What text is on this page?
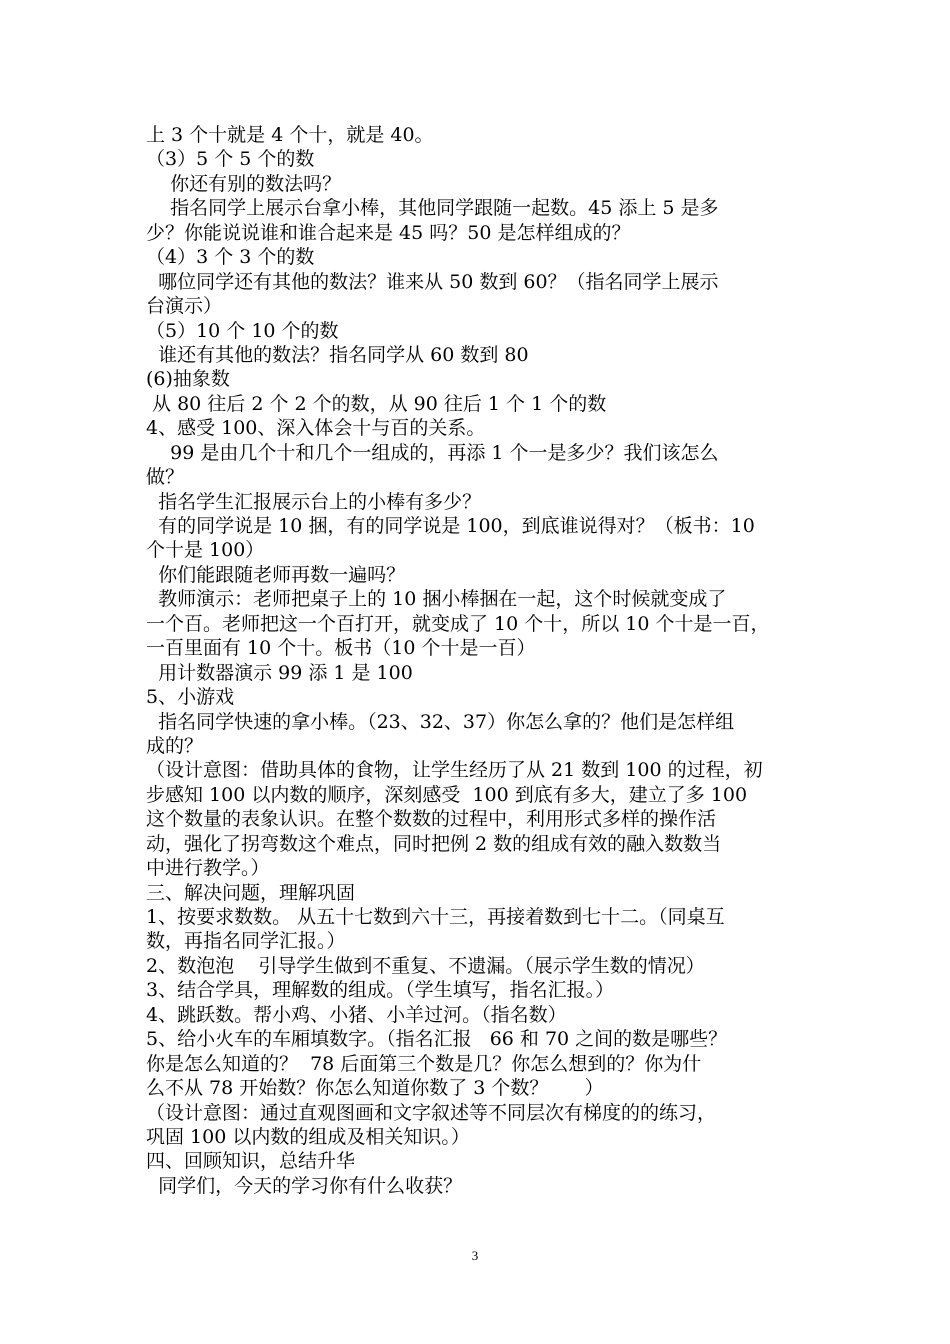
上 3 个十就是 4 个十，就是 40。
（3）5 个 5 个的数
你还有别的数法吗？
指名同学上展示台拿小棒，其他同学跟随一起数。45 添上 5 是多
少？你能说说谁和谁合起来是 45 吗？50 是怎样组成的？
（4）3 个 3 个的数
哪位同学还有其他的数法？谁来从 50 数到 60？（指名同学上展示
台演示）
（5）10 个 10 个的数
谁还有其他的数法？指名同学从 60 数到 80
(6)抽象数
从 80 往后 2 个 2 个的数，从 90 往后 1 个 1 个的数
4、感受 100、深入体会十与百的关系。
99 是由几个十和几个一组成的，再添 1 个一是多少？我们该怎么
做？
指名学生汇报展示台上的小棒有多少？
有的同学说是 10 捆，有的同学说是 100，到底谁说得对？（板书：10
个十是 100）
你们能跟随老师再数一遍吗？
教师演示：老师把桌子上的 10 捆小棒捆在一起，这个时候就变成了
一个百。老师把这一个百打开，就变成了 10 个十，所以 10 个十是一百，
一百里面有 10 个十。板书（10 个十是一百）
用计数器演示 99 添 1 是 100
5、小游戏
指名同学快速的拿小棒。（23、32、37）你怎么拿的？他们是怎样组
成的？
（设计意图：借助具体的食物，让学生经历了从 21 数到 100 的过程，初
步感知 100 以内数的顺序，深刻感受  100 到底有多大，建立了多 100
这个数量的表象认识。在整个数数的过程中，利用形式多样的操作活
动，强化了拐弯数这个难点，同时把例 2 数的组成有效的融入数数当
中进行教学。）
三、解决问题，理解巩固
1、按要求数数。 从五十七数到六十三，再接着数到七十二。（同桌互
数，再指名同学汇报。）
2、数泡泡    引导学生做到不重复、不遗漏。（展示学生数的情况）
3、结合学具，理解数的组成。（学生填写，指名汇报。）
4、跳跃数。帮小鸡、小猪、小羊过河。（指名数）
5、给小火车的车厢填数字。（指名汇报   66 和 70 之间的数是哪些？
你是怎么知道的？  78 后面第三个数是几？你怎么想到的？你为什
么不从 78 开始数？你怎么知道你数了 3 个数？      ）
（设计意图：通过直观图画和文字叙述等不同层次有梯度的的练习，
巩固 100 以内数的组成及相关知识。）
四、回顾知识，总结升华
同学们，今天的学习你有什么收获？
3
